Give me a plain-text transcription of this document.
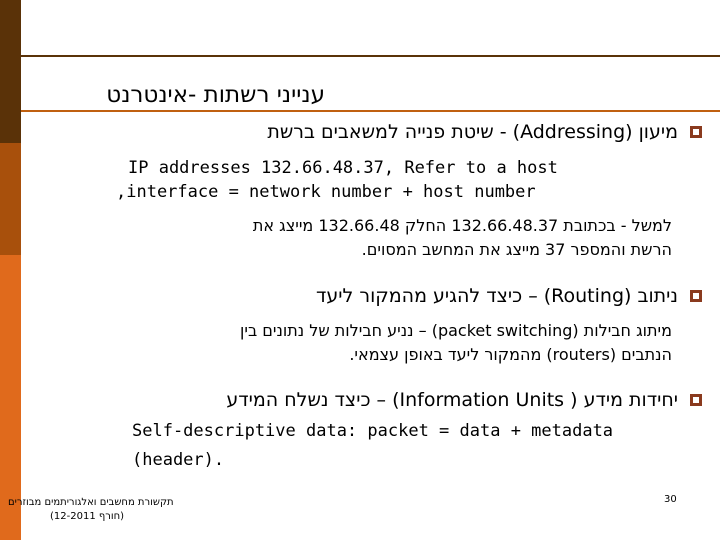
ענייני רשתות -אינטרנט
מיעון (Addressing) - שיטת פנייה למשאבים ברשת
IP addresses 132.66.48.37, Refer to a host
,interface = network number + host number
למשל - בכתובת 132.66.48.37 החלק 132.66.48 מייצג את
הרשת והמספר 37 מייצג את המחשב המסוים.
ניתוב (Routing) – כיצד להגיע מהמקור ליעד
מיתוג חבילות (packet switching) – נניע חבילות של נתונים בין
הנתבים (routers) מהמקור ליעד באופן עצמאי.
יחידות מידע ( Information Units) – כיצד נשלח המידע
Self-descriptive data: packet = data + metadata
(header).
תקשורת מחשבים ואלגוריתמים מבוזרים
(חורף 12-2011)
30
